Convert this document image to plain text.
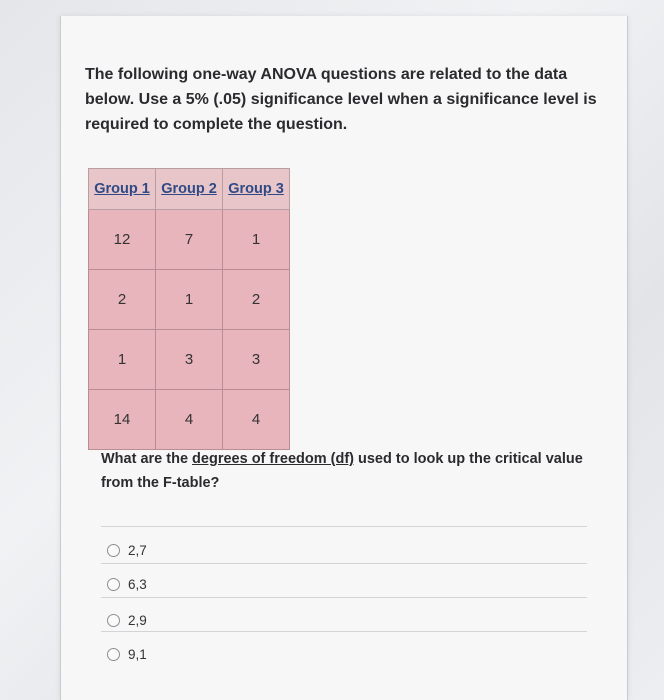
The following one-way ANOVA questions are related to the data below. Use a 5% (.05) significance level when a significance level is required to complete the question.
Group 1	Group 2	Group 3
12	7	1
2	1	2
1	3	3
14	4	4
What are the degrees of freedom (df) used to look up the critical value from the F-table?
2,7
6,3
2,9
9,1
